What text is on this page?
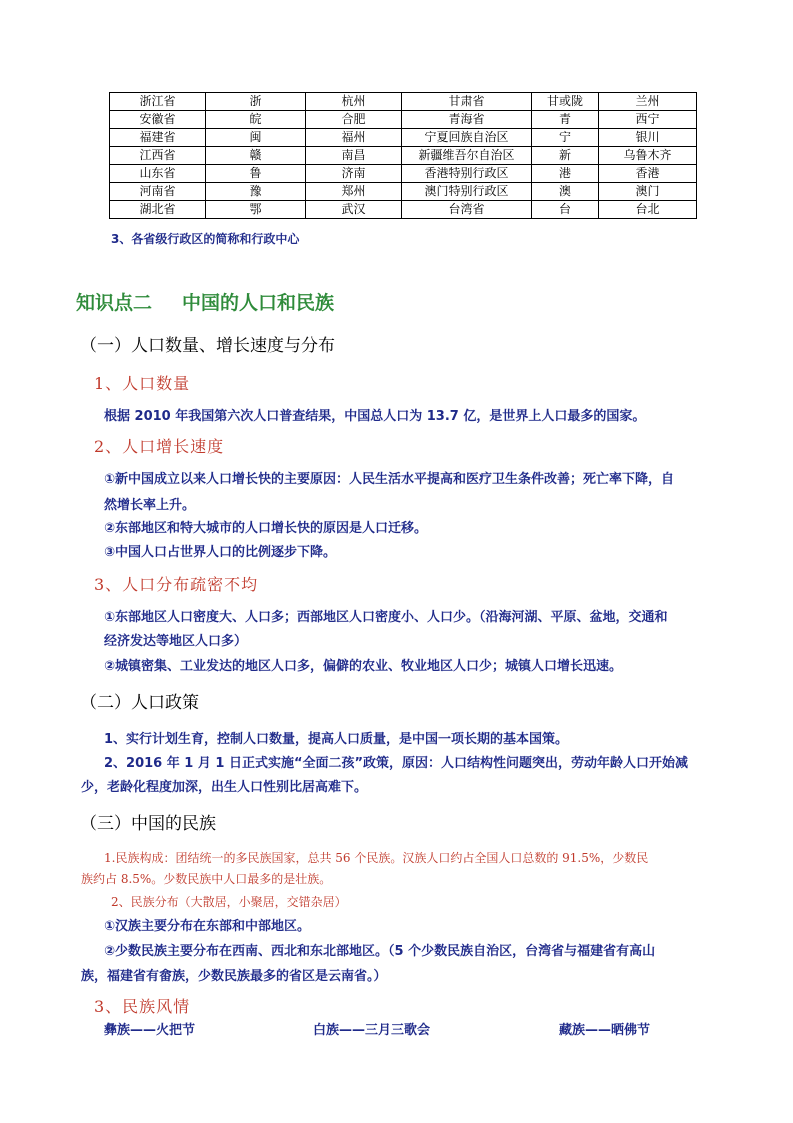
浙江省	浙	杭州	甘肃省	甘或陇	兰州
安徽省	皖	合肥	青海省	青	西宁
福建省	闽	福州	宁夏回族自治区	宁	银川
江西省	赣	南昌	新疆维吾尔自治区	新	乌鲁木齐
山东省	鲁	济南	香港特别行政区	港	香港
河南省	豫	郑州	澳门特别行政区	澳	澳门
湖北省	鄂	武汉	台湾省	台	台北
3、各省级行政区的简称和行政中心
知识点二 中国的人口和民族
（一）人口数量、增长速度与分布
1、人口数量
根据 2010 年我国第六次人口普查结果，中国总人口为 13.7 亿，是世界上人口最多的国家。
2、人口增长速度
①新中国成立以来人口增长快的主要原因：人民生活水平提高和医疗卫生条件改善；死亡率下降，自
然增长率上升。
②东部地区和特大城市的人口增长快的原因是人口迁移。
③中国人口占世界人口的比例逐步下降。
3、人口分布疏密不均
①东部地区人口密度大、人口多；西部地区人口密度小、人口少。（沿海河湖、平原、盆地，交通和
经济发达等地区人口多）
②城镇密集、工业发达的地区人口多，偏僻的农业、牧业地区人口少；城镇人口增长迅速。
（二）人口政策
1、实行计划生育，控制人口数量，提高人口质量，是中国一项长期的基本国策。
2、2016 年 1 月 1 日正式实施“全面二孩”政策，原因：人口结构性问题突出，劳动年龄人口开始减
少，老龄化程度加深，出生人口性别比居高难下。
（三）中国的民族
1.民族构成：团结统一的多民族国家，总共 56 个民族。汉族人口约占全国人口总数的 91.5%，少数民
族约占 8.5%。少数民族中人口最多的是壮族。
2、民族分布（大散居，小聚居，交错杂居）
①汉族主要分布在东部和中部地区。
②少数民族主要分布在西南、西北和东北部地区。（5 个少数民族自治区，台湾省与福建省有高山
族，福建省有畲族，少数民族最多的省区是云南省。）
3、民族风情
彝族——火把节	白族——三月三歌会	藏族——晒佛节
